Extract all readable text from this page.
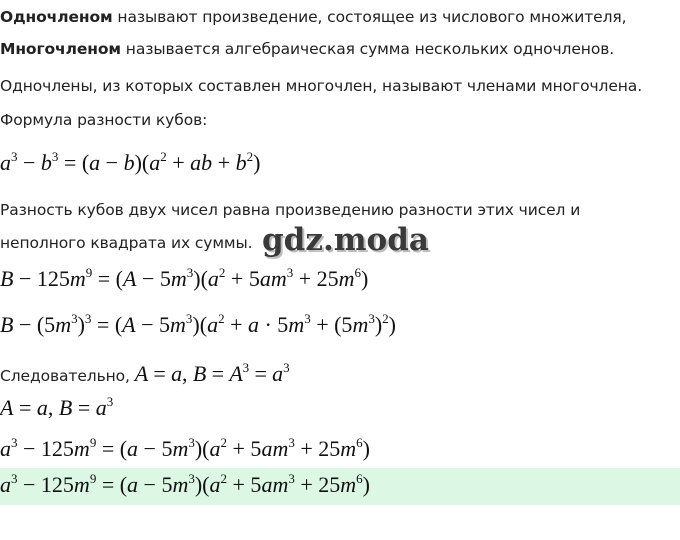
Одночленом называют произведение, состоящее из числового множителя,
Многочленом называется алгебраическая сумма нескольких одночленов.
Одночлены, из которых составлен многочлен, называют членами многочлена.
Формула разности кубов:
$a^3 - b^3 = (a - b)(a^2$ + ab + $b^2$)
Разность кубов двух чисел равна произведению разности этих чисел и
неполного квадрата их суммы. gdz.moda
$B - 125m^9 = (A - 5m^3)(a^2 + 5am^3 + 25m^6)$
$B - (5m^3)^3 = (A - 5m^3)(a^2 + a \cdot 5m^3 + (5m^3)^2)$
Следовательно, A = a, $B = A^3 = a^3$
A = a, $B = a^3$
$a^3 - 125m^9 = (a - 5m^3)(a^2 + 5am^3 + 25m^6)$
$a^3 - 125m^9 = (a - 5m^3)(a^2 + 5am^3 + 25m^6)$
